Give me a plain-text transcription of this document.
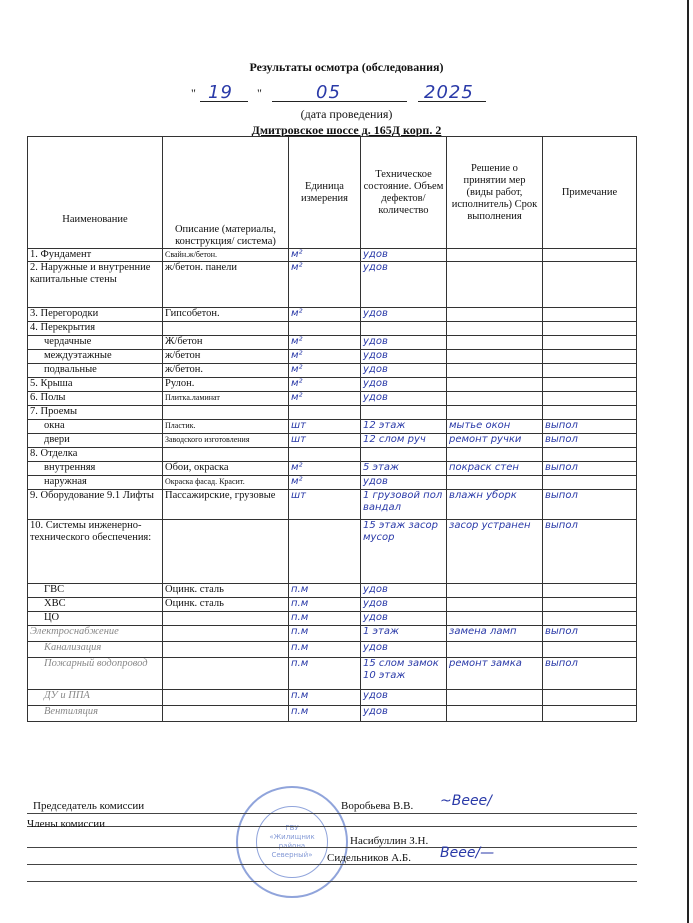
Результаты осмотра (обследования)
" 19 "	05	2025
(дата проведения)
Дмитровское шоссе д. 165Д корп. 2
Наименование	Описание (материалы, конструкция/ система)	Единица измерения	Техническое состояние. Объем дефектов/ количество	Решение о принятии мер (виды работ, исполнитель) Срок выполнения	Примечание
1. Фундамент	Свайн.ж/бетон.	м²	удов		
2. Наружные и внутренние капитальные стены	ж/бетон. панели	м²	удов		
3. Перегородки	Гипсобетон.	м²	удов		
4. Перекрытия					
чердачные	Ж/бетон	м²	удов		
междуэтажные	ж/бетон	м²	удов		
подвальные	ж/бетон.	м²	удов		
5. Крыша	Рулон.	м²	удов		
6. Полы	Плитка.ламинат	м²	удов		
7. Проемы					
окна	Пластик.	шт	12 этаж	мытье окон	выпол
двери	Заводского изготовления	шт	12 слом руч	ремонт ручки	выпол
8. Отделка					
внутренняя	Обои, окраска	м²	5 этаж	покраск стен	выпол
наружная	Окраска фасад. Красит.	м²	удов		
9. Оборудование 9.1 Лифты	Пассажирские, грузовые	шт	1 грузовой пол вандал	влажн уборк	выпол
10. Системы инженерно-технического обеспечения:			15 этаж засор мусор	засор устранен	выпол
ГВС	Оцинк. сталь	п.м	удов		
ХВС	Оцинк. сталь	п.м	удов		
ЦО		п.м	удов		
Электроснабжение		п.м	1 этаж	замена ламп	выпол
Канализация		п.м	удов		
Пожарный водопровод		п.м	15 слом замок 10 этаж	ремонт замка	выпол
ДУ и ППА		п.м	удов		
Вентиляция		п.м	удов		
ГБУ
«Жилищник
района
Северный»
Председатель комиссии	Воробьева В.В. ~Веее/
Члены комиссии
Насибуллин З.Н.
Сидельников А.Б. Веее/—
